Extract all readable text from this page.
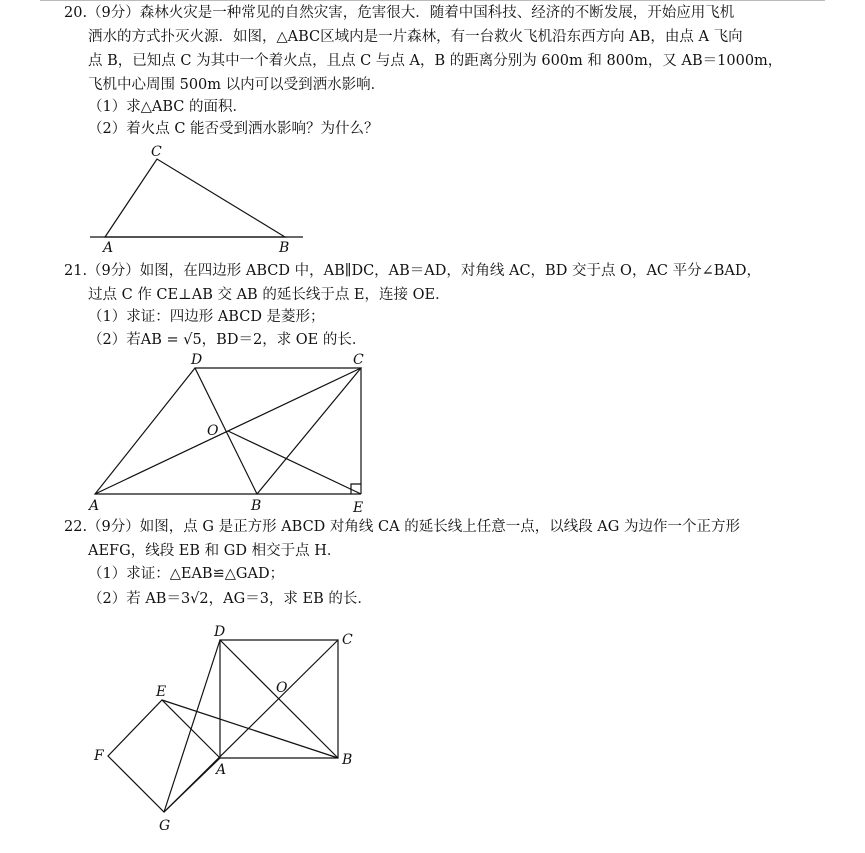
20.（9分）森林火灾是一种常见的自然灾害，危害很大．随着中国科技、经济的不断发展，开始应用飞机
洒水的方式扑灭火源．如图，△ABC区域内是一片森林，有一台救火飞机沿东西方向 AB，由点 A 飞向
点 B，已知点 C 为其中一个着火点，且点 C 与点 A，B 的距离分别为 600m 和 800m，又 AB＝1000m，
飞机中心周围 500m 以内可以受到洒水影响．
（1）求△ABC 的面积．
（2）着火点 C 能否受到洒水影响？为什么？
C
A	B
21.（9分）如图，在四边形 ABCD 中，AB∥DC，AB＝AD，对角线 AC，BD 交于点 O，AC 平分∠BAD，
过点 C 作 CE⊥AB 交 AB 的延长线于点 E，连接 OE．
（1）求证：四边形 ABCD 是菱形；
（2）若AB = √5，BD＝2，求 OE 的长．
D	C
O
A	B	E
22.（9分）如图，点 G 是正方形 ABCD 对角线 CA 的延长线上任意一点，以线段 AG 为边作一个正方形
AEFG，线段 EB 和 GD 相交于点 H．
（1）求证：△EAB≌△GAD；
（2）若 AB＝3√2，AG＝3，求 EB 的长．
D	C
O
E
F
A
B
G
